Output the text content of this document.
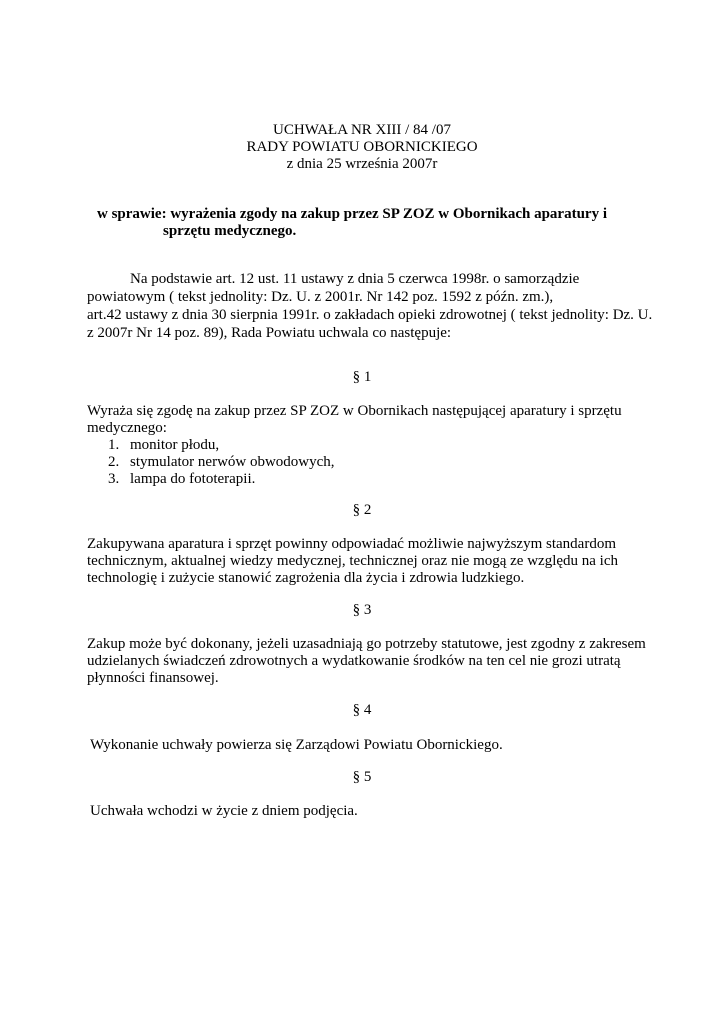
UCHWAŁA NR XIII / 84 /07
RADY POWIATU OBORNICKIEGO
z dnia 25 września 2007r
w sprawie: wyrażenia zgody na zakup przez SP ZOZ w Obornikach aparatury i
sprzętu medycznego.
Na podstawie art. 12 ust. 11 ustawy z dnia 5 czerwca 1998r. o samorządzie
powiatowym ( tekst jednolity: Dz. U. z 2001r. Nr 142 poz. 1592 z późn. zm.),
art.42 ustawy z dnia 30 sierpnia 1991r. o zakładach opieki zdrowotnej ( tekst jednolity: Dz. U.
z 2007r Nr 14 poz. 89), Rada Powiatu uchwala co następuje:
§ 1
Wyraża się zgodę na zakup przez SP ZOZ w Obornikach następującej aparatury i sprzętu
medycznego:
1. monitor płodu,
2. stymulator nerwów obwodowych,
3. lampa do fototerapii.
§ 2
Zakupywana aparatura i sprzęt powinny odpowiadać możliwie najwyższym standardom
technicznym, aktualnej wiedzy medycznej, technicznej oraz nie mogą ze względu na ich
technologię i zużycie stanowić zagrożenia dla życia i zdrowia ludzkiego.
§ 3
Zakup może być dokonany, jeżeli uzasadniają go potrzeby statutowe, jest zgodny z zakresem
udzielanych świadczeń zdrowotnych a wydatkowanie środków na ten cel nie grozi utratą
płynności finansowej.
§ 4
Wykonanie uchwały powierza się Zarządowi Powiatu Obornickiego.
§ 5
Uchwała wchodzi w życie z dniem podjęcia.
